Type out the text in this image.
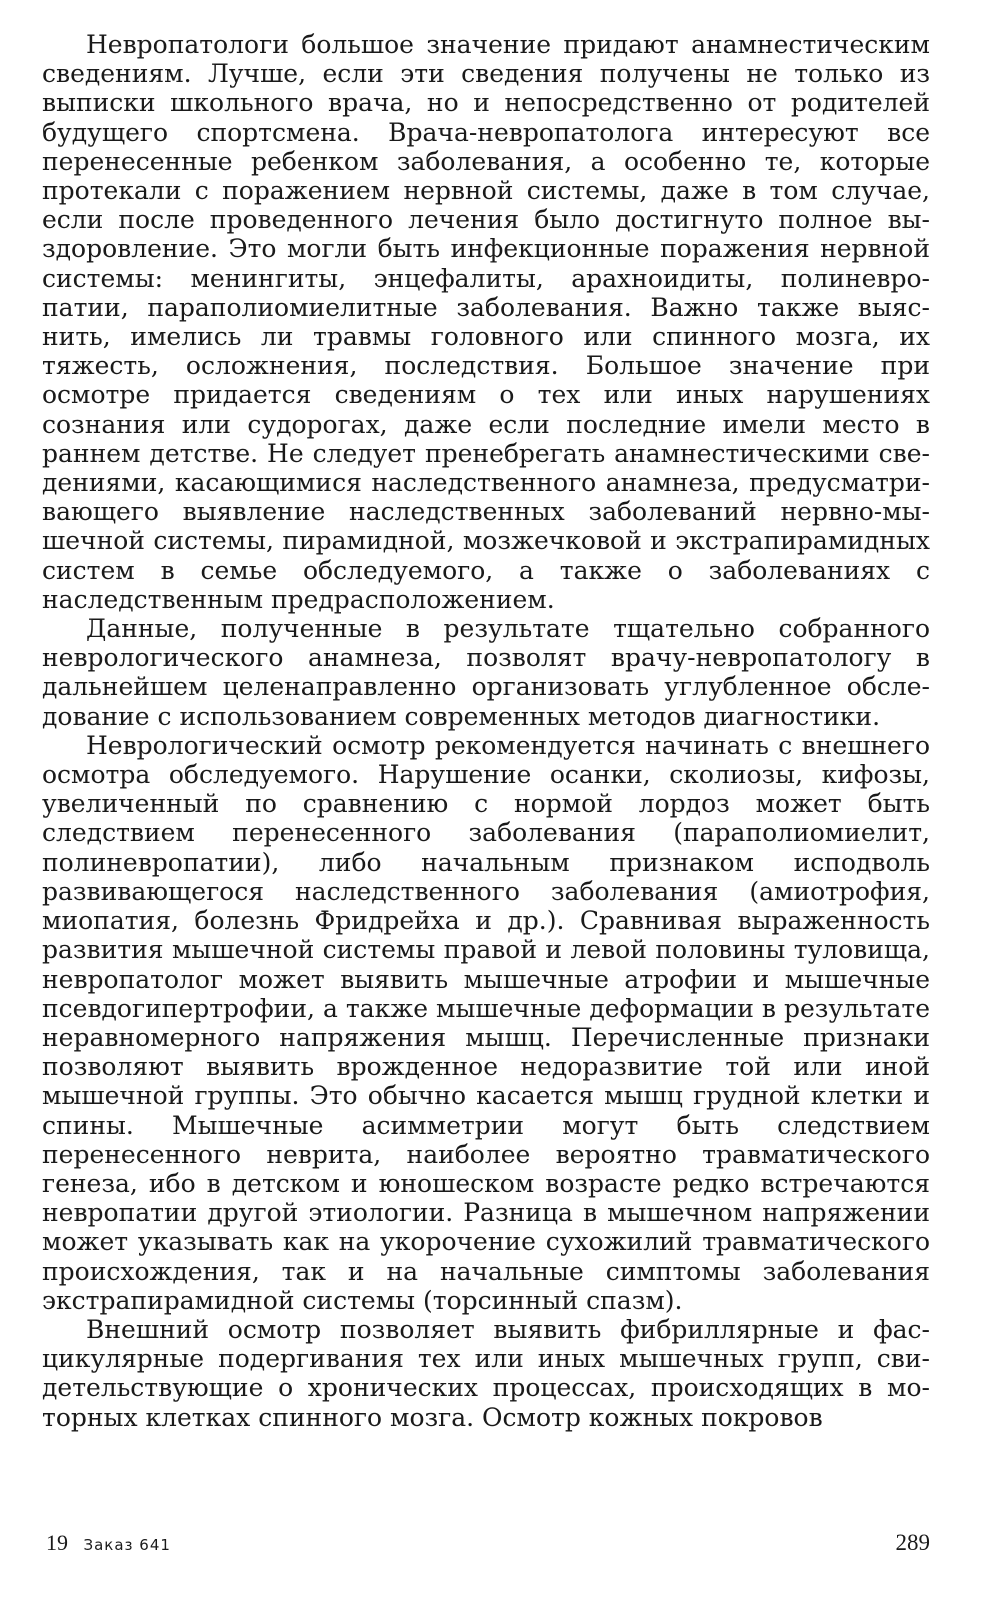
Невропатологи большое значение придают анамнестическим сведениям. Лучше, если эти сведения получены не только из выписки школьного врача, но и непосредственно от родителей будущего спортсмена. Врача-невропатолога интересуют все перенесенные ребенком заболевания, а особенно те, которые протекали с поражением нервной системы, даже в том случае, если после проведенного лечения было достигнуто полное выздоровление. Это могли быть инфекционные поражения нервной системы: менингиты, энцефалиты, арахноидиты, полиневропатии, параполиомиелитные заболевания. Важно также выяснить, имелись ли травмы головного или спинного мозга, их тяжесть, осложнения, последствия. Большое значение при осмотре придается сведениям о тех или иных нарушениях сознания или судорогах, даже если последние имели место в раннем детстве. Не следует пренебрегать анамнестическими сведениями, касающимися наследственного анамнеза, предусматривающего выявление наследственных заболеваний нервно-мышечной системы, пирамидной, мозжечковой и экстрапирамидных систем в семье обследуемого, а также о заболеваниях с наследственным предрасположением.

Данные, полученные в результате тщательно собранного неврологического анамнеза, позволят врачу-невропатологу в дальнейшем целенаправленно организовать углубленное обследование с использованием современных методов диагностики.

Неврологический осмотр рекомендуется начинать с внешнего осмотра обследуемого. Нарушение осанки, сколиозы, кифозы, увеличенный по сравнению с нормой лордоз может быть следствием перенесенного заболевания (параполиомиелит, полиневропатии), либо начальным признаком исподволь развивающегося наследственного заболевания (амиотрофия, миопатия, болезнь Фридрейха и др.). Сравнивая выраженность развития мышечной системы правой и левой половины туловища, невропатолог может выявить мышечные атрофии и мышечные псевдогипертрофии, а также мышечные деформации в результате неравномерного напряжения мышц. Перечисленные признаки позволяют выявить врожденное недоразвитие той или иной мышечной группы. Это обычно касается мышц грудной клетки и спины. Мышечные асимметрии могут быть следствием перенесенного неврита, наиболее вероятно травматического генеза, ибо в детском и юношеском возрасте редко встречаются невропатии другой этиологии. Разница в мышечном напряжении может указывать как на укорочение сухожилий травматического происхождения, так и на начальные симптомы заболевания экстрапирамидной системы (торсинный спазм).

Внешний осмотр позволяет выявить фибриллярные и фасцикулярные подергивания тех или иных мышечных групп, свидетельствующие о хронических процессах, происходящих в моторных клетках спинного мозга. Осмотр кожных покровов

19 Заказ 641	289
